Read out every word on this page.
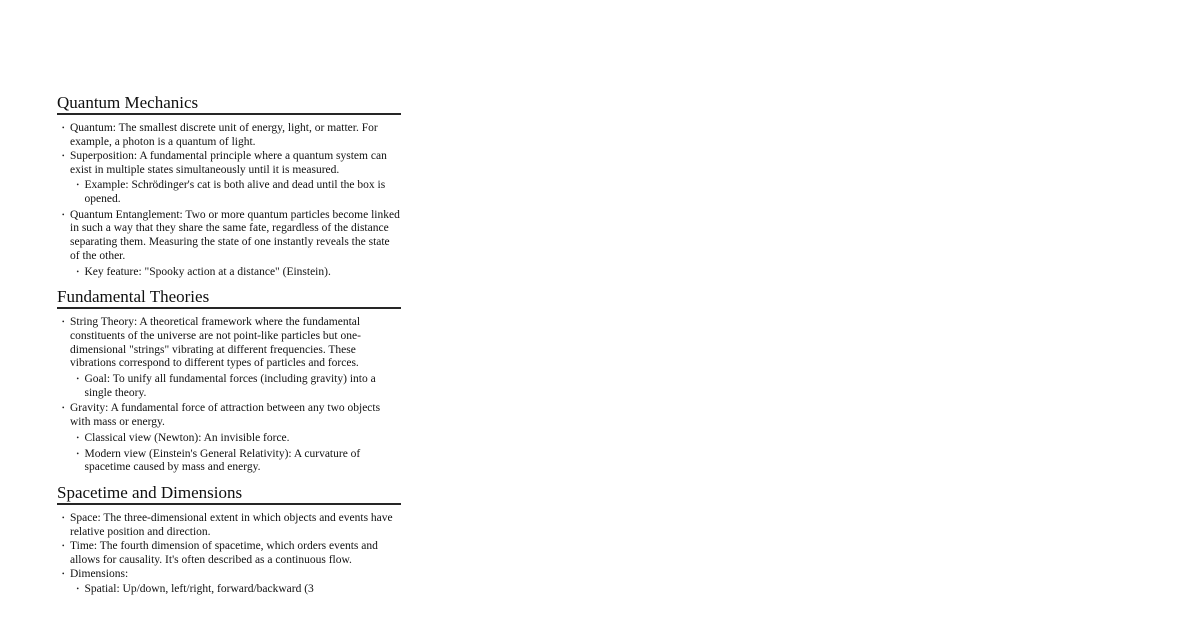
Quantum Mechanics
• Quantum: The smallest discrete unit of energy, light, or matter. For example, a photon is a quantum of light.
• Superposition: A fundamental principle where a quantum system can exist in multiple states simultaneously until it is measured.
• Example: Schrödinger's cat is both alive and dead until the box is opened.
• Quantum Entanglement: Two or more quantum particles become linked in such a way that they share the same fate, regardless of the distance separating them. Measuring the state of one instantly reveals the state of the other.
• Key feature: "Spooky action at a distance" (Einstein).
Fundamental Theories
• String Theory: A theoretical framework where the fundamental constituents of the universe are not point-like particles but one-dimensional "strings" vibrating at different frequencies. These vibrations correspond to different types of particles and forces.
• Goal: To unify all fundamental forces (including gravity) into a single theory.
• Gravity: A fundamental force of attraction between any two objects with mass or energy.
• Classical view (Newton): An invisible force.
• Modern view (Einstein's General Relativity): A curvature of spacetime caused by mass and energy.
Spacetime and Dimensions
• Space: The three-dimensional extent in which objects and events have relative position and direction.
• Time: The fourth dimension of spacetime, which orders events and allows for causality. It's often described as a continuous flow.
• Dimensions:
• Spatial: Up/down, left/right, forward/backward (3
